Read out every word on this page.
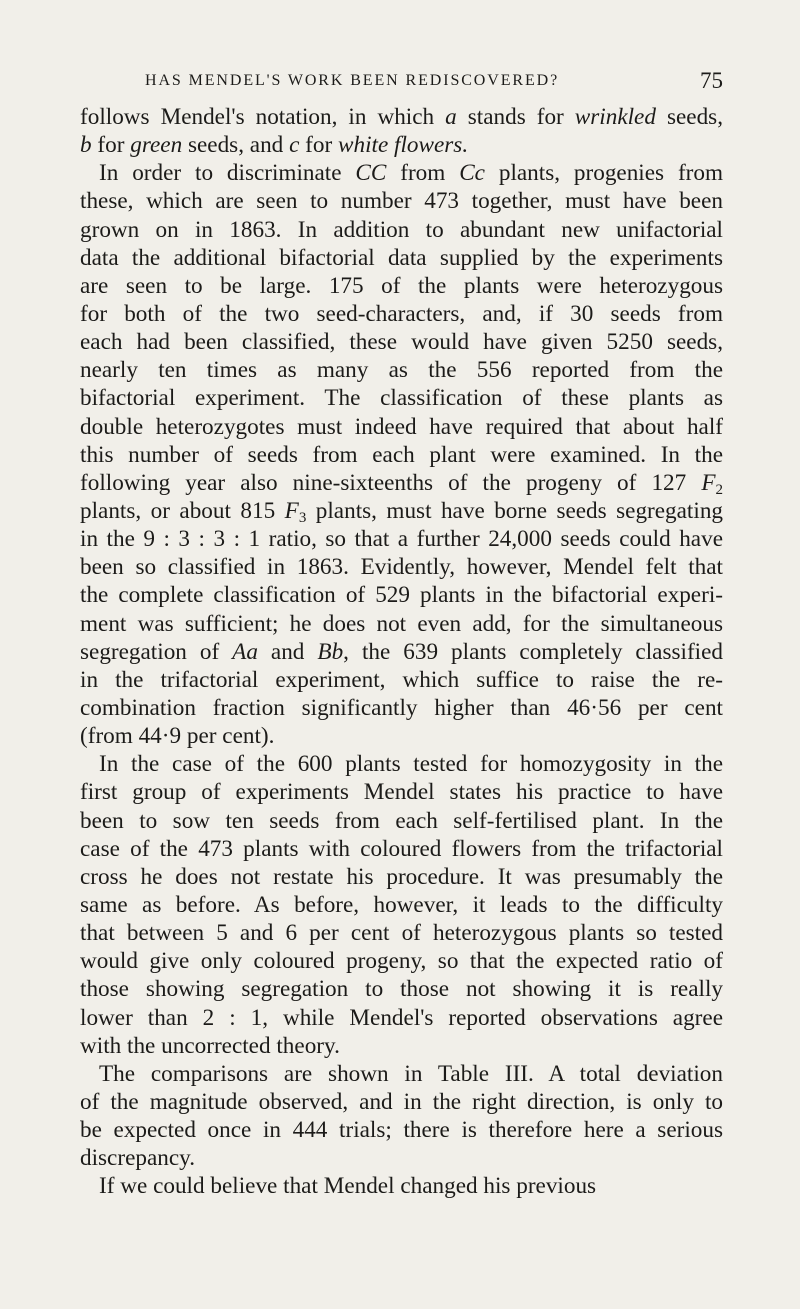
HAS MENDEL'S WORK BEEN REDISCOVERED?	75
follows Mendel's notation, in which a stands for wrinkled seeds,
b for green seeds, and c for white flowers.
In order to discriminate CC from Cc plants, progenies from
these, which are seen to number 473 together, must have been
grown on in 1863. In addition to abundant new unifactorial
data the additional bifactorial data supplied by the experiments
are seen to be large. 175 of the plants were heterozygous
for both of the two seed-characters, and, if 30 seeds from
each had been classified, these would have given 5250 seeds,
nearly ten times as many as the 556 reported from the
bifactorial experiment. The classification of these plants as
double heterozygotes must indeed have required that about half
this number of seeds from each plant were examined. In the
following year also nine-sixteenths of the progeny of 127 $F_2$
plants, or about 815 $F_3$ plants, must have borne seeds segregating
in the 9 : 3 : 3 : 1 ratio, so that a further 24,000 seeds could have
been so classified in 1863. Evidently, however, Mendel felt that
the complete classification of 529 plants in the bifactorial experi-
ment was sufficient; he does not even add, for the simultaneous
segregation of Aa and Bb, the 639 plants completely classified
in the trifactorial experiment, which suffice to raise the re-
combination fraction significantly higher than 46·56 per cent
(from 44·9 per cent).
In the case of the 600 plants tested for homozygosity in the
first group of experiments Mendel states his practice to have
been to sow ten seeds from each self-fertilised plant. In the
case of the 473 plants with coloured flowers from the trifactorial
cross he does not restate his procedure. It was presumably the
same as before. As before, however, it leads to the difficulty
that between 5 and 6 per cent of heterozygous plants so tested
would give only coloured progeny, so that the expected ratio of
those showing segregation to those not showing it is really
lower than 2 : 1, while Mendel's reported observations agree
with the uncorrected theory.
The comparisons are shown in Table III. A total deviation
of the magnitude observed, and in the right direction, is only to
be expected once in 444 trials; there is therefore here a serious
discrepancy.
If we could believe that Mendel changed his previous
